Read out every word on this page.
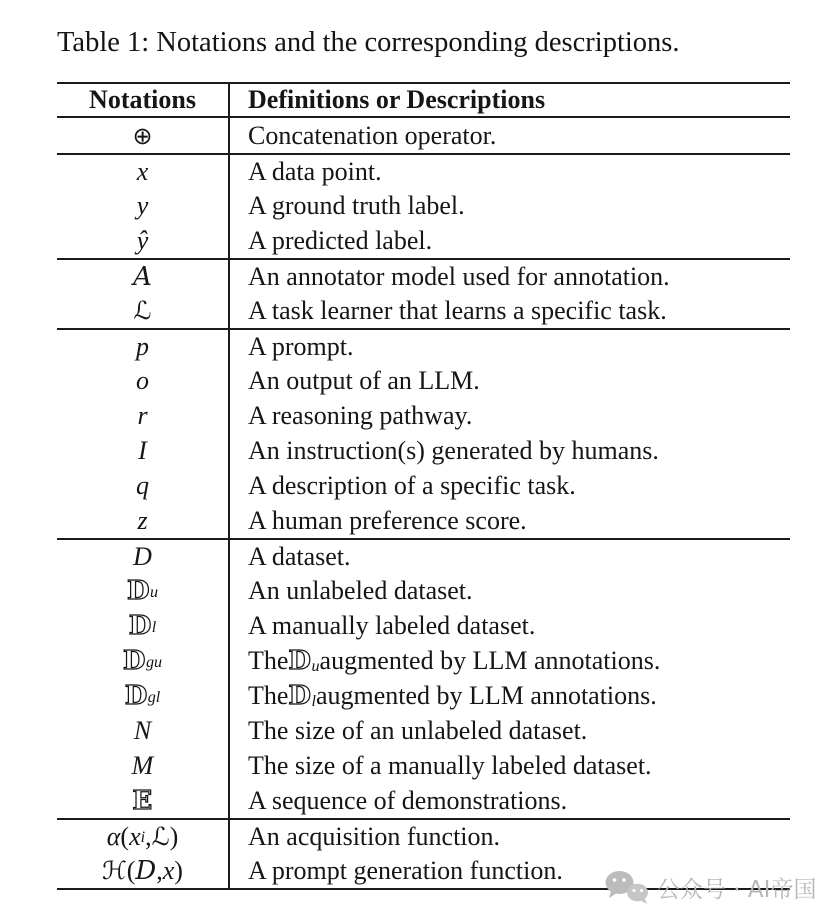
Table 1: Notations and the corresponding descriptions.
Notations	Definitions or Descriptions
⊕	Concatenation operator.
x	A data point.
y	A ground truth label.
ŷ	A predicted label.
A	An annotator model used for annotation.
ℒ	A task learner that learns a specific task.
p	A prompt.
o	An output of an LLM.
r	A reasoning pathway.
I	An instruction(s) generated by humans.
q	A description of a specific task.
z	A human preference score.
D	A dataset.
D u	An unlabeled dataset.
D l	A manually labeled dataset.
D gu	The D u augmented by LLM annotations.
D gl	The D l augmented by LLM annotations.
N	The size of an unlabeled dataset.
M	The size of a manually labeled dataset.
E	A sequence of demonstrations.
α ( x i , ℒ )	An acquisition function.
ℋ ( D , x )	A prompt generation function.
公众号 · AI帝国
